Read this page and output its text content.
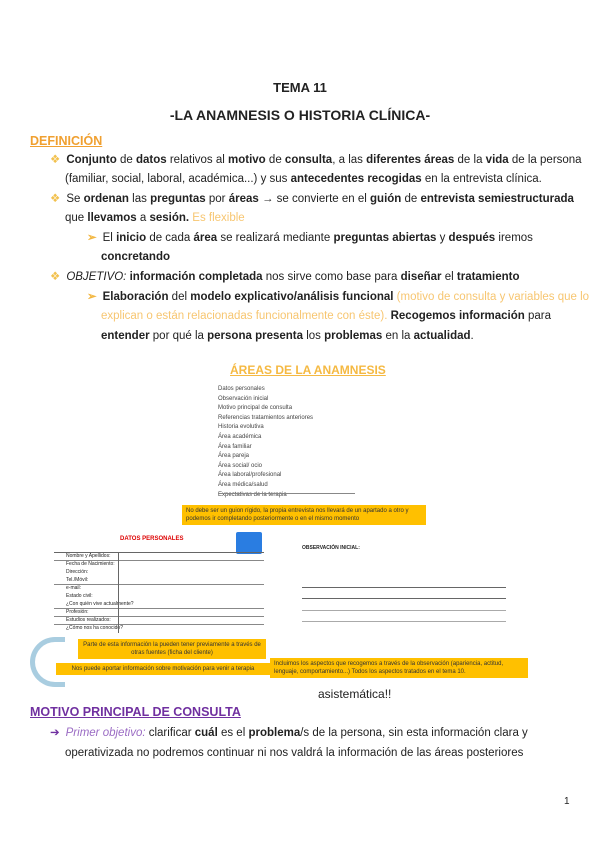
TEMA 11
-LA ANAMNESIS O HISTORIA CLÍNICA-
DEFINICIÓN
❖ Conjunto de datos relativos al motivo de consulta, a las diferentes áreas de la vida de la persona
(familiar, social, laboral, académica...) y sus antecedentes recogidas en la entrevista clínica.
❖ Se ordenan las preguntas por áreas → se convierte en el guión de entrevista semiestructurada
que llevamos a sesión. Es flexible
➢ El inicio de cada área se realizará mediante preguntas abiertas y después iremos
concretando
❖ OBJETIVO: información completada nos sirve como base para diseñar el tratamiento
➢ Elaboración del modelo explicativo/análisis funcional (motivo de consulta y variables que lo
explican o están relacionadas funcionalmente con éste). Recogemos información para
entender por qué la persona presenta los problemas en la actualidad.
ÁREAS DE LA ANAMNESIS
Datos personales
Observación inicial
Motivo principal de consulta
Referencias tratamientos anteriores
Historia evolutiva
Área académica
Área familiar
Área pareja
Área social/ ocio
Área laboral/profesional
Área médica/salud
Expectativas de la terapia
No debe ser un guion rígido, la propia entrevista nos llevará de un apartado a otro y podemos ir completando posteriormente o en el mismo momento
DATOS PERSONALES
Nombre y Apellidos:
Fecha de Nacimiento:
Dirección:
Tel./Móvil:
e-mail:
Estado civil:
¿Con quién vive actualmente?
Profesión:
Estudios realizados:
¿Cómo nos ha conocido?
Parte de esta información la pueden tener previamente a través de otras fuentes (ficha del cliente)
Nos puede aportar información sobre motivación para venir a terapia
OBSERVACIÓN INICIAL:
Incluimos los aspectos que recogemos a través de la observación (apariencia, actitud, lenguaje, comportamiento...) Todos los aspectos tratados en el tema 10.
asistemática!!
MOTIVO PRINCIPAL DE CONSULTA
➔ Primer objetivo: clarificar cuál es el problema/s de la persona, sin esta información clara y
operativizada no podremos continuar ni nos valdrá la información de las áreas posteriores
1
